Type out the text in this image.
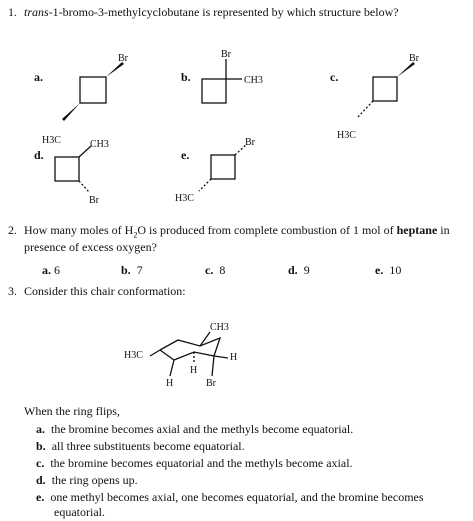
1. trans-1-bromo-3-methylcyclobutane is represented by which structure below?
a.
Br
H3C
b.
Br
CH3	c.
Br
H3C
d.
CH3
Br
e.
Br
H3C
2. How many moles of $H_2O$ is produced from complete combustion of 1 mol of heptane in
presence of excess oxygen?
a. 6	b. 7	c. 8	d. 9	e. 10
3. Consider this chair conformation:
CH3
H3C	H
H
H	Br
When the ring flips,
a. the bromine becomes axial and the methyls become equatorial.
b. all three substituents become equatorial.
c. the bromine becomes equatorial and the methyls become axial.
d. the ring opens up.
e. one methyl becomes axial, one becomes equatorial, and the bromine becomes
equatorial.
